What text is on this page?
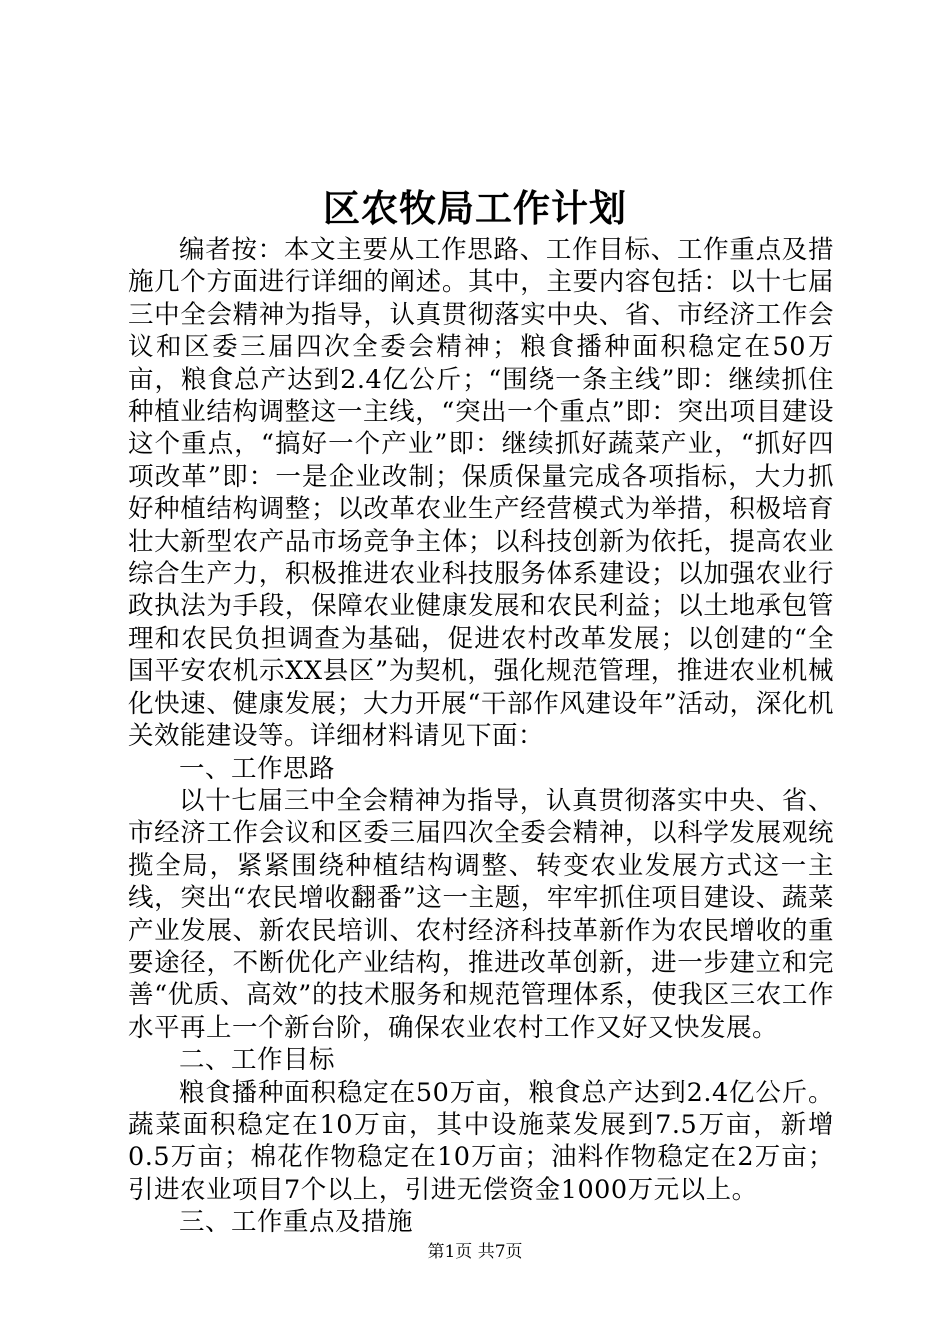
区农牧局工作计划

编者按：本文主要从工作思路、工作目标、工作重点及措施几个方面进行详细的阐述。其中，主要内容包括：以十七届三中全会精神为指导，认真贯彻落实中央、省、市经济工作会议和区委三届四次全委会精神；粮食播种面积稳定在50万亩，粮食总产达到2.4亿公斤；“围绕一条主线”即：继续抓住种植业结构调整这一主线，“突出一个重点”即：突出项目建设这个重点，“搞好一个产业”即：继续抓好蔬菜产业，“抓好四项改革”即：一是企业改制；保质保量完成各项指标，大力抓好种植结构调整；以改革农业生产经营模式为举措，积极培育壮大新型农产品市场竞争主体；以科技创新为依托，提高农业综合生产力，积极推进农业科技服务体系建设；以加强农业行政执法为手段，保障农业健康发展和农民利益；以土地承包管理和农民负担调查为基础，促进农村改革发展；以创建的“全国平安农机示XX县区”为契机，强化规范管理，推进农业机械化快速、健康发展；大力开展“干部作风建设年”活动，深化机关效能建设等。详细材料请见下面：

一、工作思路

以十七届三中全会精神为指导，认真贯彻落实中央、省、市经济工作会议和区委三届四次全委会精神，以科学发展观统揽全局，紧紧围绕种植结构调整、转变农业发展方式这一主线，突出“农民增收翻番”这一主题，牢牢抓住项目建设、蔬菜产业发展、新农民培训、农村经济科技革新作为农民增收的重要途径，不断优化产业结构，推进改革创新，进一步建立和完善“优质、高效”的技术服务和规范管理体系，使我区三农工作水平再上一个新台阶，确保农业农村工作又好又快发展。

二、工作目标

粮食播种面积稳定在50万亩，粮食总产达到2.4亿公斤。蔬菜面积稳定在10万亩，其中设施菜发展到7.5万亩，新增0.5万亩；棉花作物稳定在10万亩；油料作物稳定在2万亩；引进农业项目7个以上，引进无偿资金1000万元以上。

三、工作重点及措施

第1页 共7页
